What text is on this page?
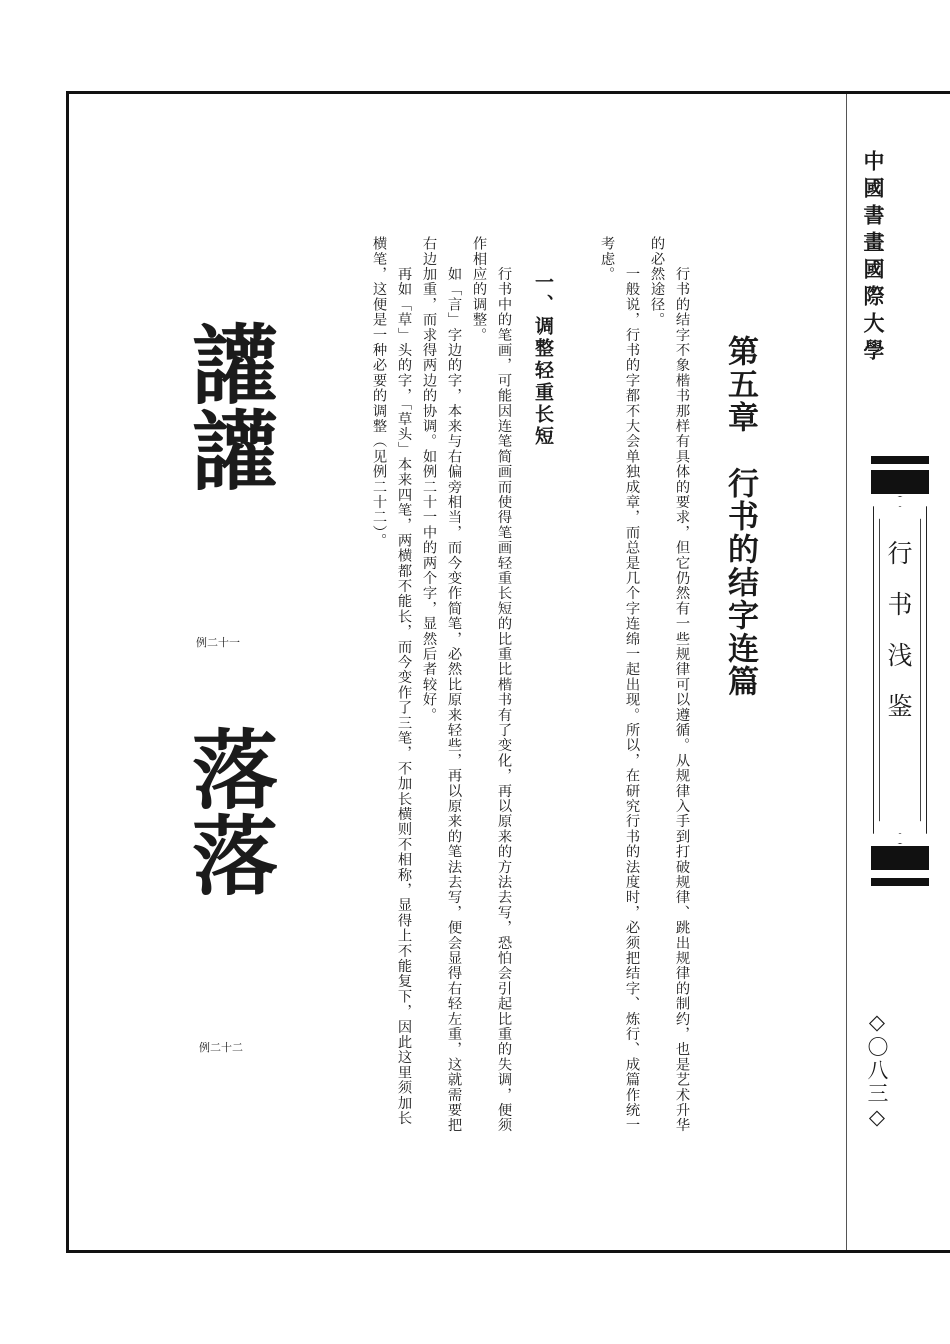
中國書畫國際大學
行书浅鉴
◇〇八三◇
第五章　行书的结字连篇
　　行书的结字不象楷书那样有具体的要求，但它仍然有一些规律可以遵循。从规律入手到打破规律、跳出规律的制约，也是艺术升华的必然途径。
　　一般说，行书的字都不大会单独成章，而总是几个字连绵一起出现。所以，在研究行书的法度时，必须把结字、炼行、成篇作统一考虑。
一、调整轻重长短
　　行书中的笔画，可能因连笔简画而使得笔画轻重长短的比重比楷书有了变化，再以原来的方法去写，恐怕会引起比重的失调，便须作相应的调整。
　　如「言」字边的字，本来与右偏旁相当，而今变作简笔，必然比原来轻些，再以原来的笔法去写，便会显得右轻左重，这就需要把右边加重，而求得两边的协调。如例二十一中的两个字，显然后者较好。
　　再如「草」头的字，「草头」本来四笔，两横都不能长，而今变作了三笔，不加长横则不相称，显得上不能复下，因此这里须加长横笔，这便是一种必要的调整（见例二十二）。
讙讙
例二十一
落落
例二十二
